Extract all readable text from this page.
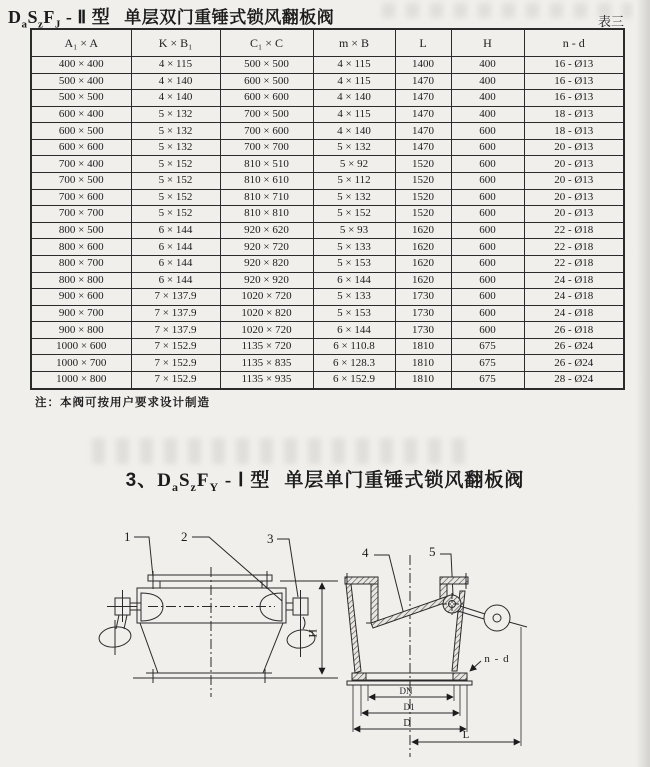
$D_aS_zF_J$ - Ⅱ 型 单层双门重锤式锁风翻板阀	表三
A₁ × A	K × B₁	C₁ × C	m × B	L	H	n - d
400 × 400	4 × 115	500 × 500	4 × 115	1400	400	16 - Ø13
500 × 400	4 × 140	600 × 500	4 × 115	1470	400	16 - Ø13
500 × 500	4 × 140	600 × 600	4 × 140	1470	400	16 - Ø13
600 × 400	5 × 132	700 × 500	4 × 115	1470	400	18 - Ø13
600 × 500	5 × 132	700 × 600	4 × 140	1470	600	18 - Ø13
600 × 600	5 × 132	700 × 700	5 × 132	1470	600	20 - Ø13
700 × 400	5 × 152	810 × 510	5 × 92	1520	600	20 - Ø13
700 × 500	5 × 152	810 × 610	5 × 112	1520	600	20 - Ø13
700 × 600	5 × 152	810 × 710	5 × 132	1520	600	20 - Ø13
700 × 700	5 × 152	810 × 810	5 × 152	1520	600	20 - Ø13
800 × 500	6 × 144	920 × 620	5 × 93	1620	600	22 - Ø18
800 × 600	6 × 144	920 × 720	5 × 133	1620	600	22 - Ø18
800 × 700	6 × 144	920 × 820	5 × 153	1620	600	22 - Ø18
800 × 800	6 × 144	920 × 920	6 × 144	1620	600	24 - Ø18
900 × 600	7 × 137.9	1020 × 720	5 × 133	1730	600	24 - Ø18
900 × 700	7 × 137.9	1020 × 820	5 × 153	1730	600	24 - Ø18
900 × 800	7 × 137.9	1020 × 720	6 × 144	1730	600	26 - Ø18
1000 × 600	7 × 152.9	1135 × 720	6 × 110.8	1810	675	26 - Ø24
1000 × 700	7 × 152.9	1135 × 835	6 × 128.3	1810	675	26 - Ø24
1000 × 800	7 × 152.9	1135 × 935	6 × 152.9	1810	675	28 - Ø24
注：本阀可按用户要求设计制造
3、$D_aS_zF_Y$ - Ⅰ 型 单层单门重锤式锁风翻板阀
1	2	3
4	5
H
DN
D1
D
L
n - d
